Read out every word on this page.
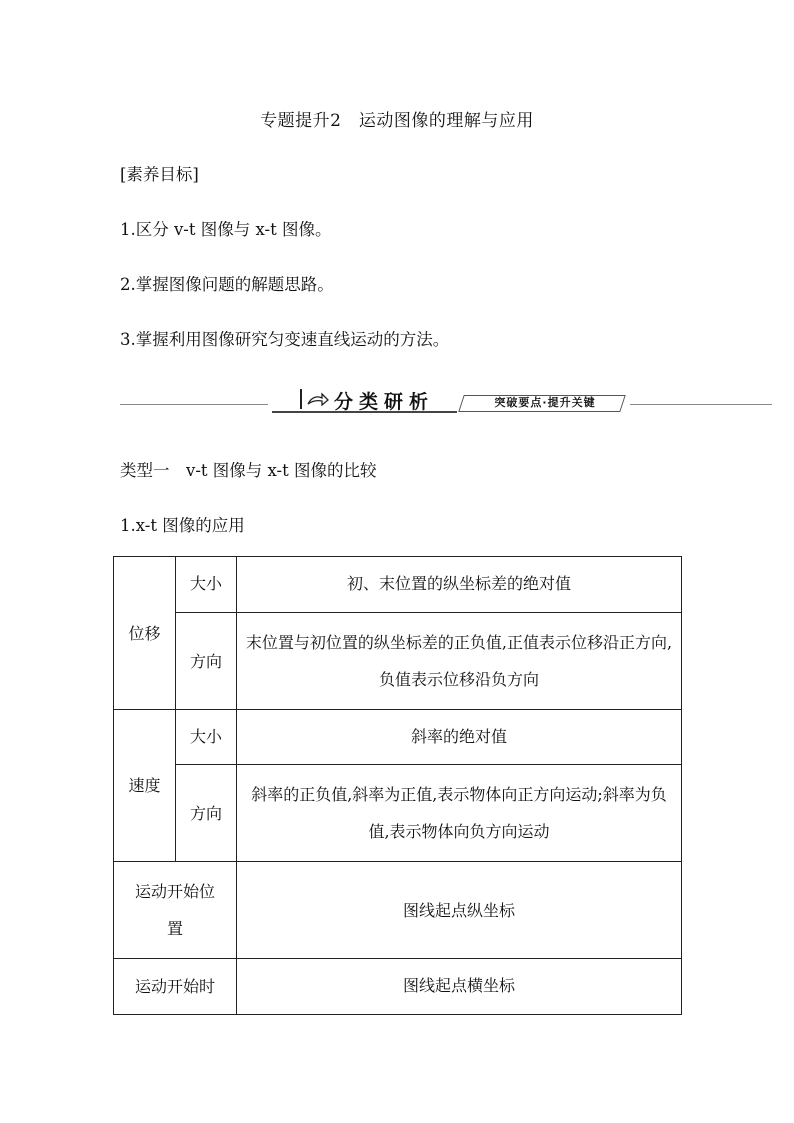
专题提升2　运动图像的理解与应用
[素养目标]
1.区分 v-t 图像与 x-t 图像。
2.掌握图像问题的解题思路。
3.掌握利用图像研究匀变速直线运动的方法。
分类研析	突破要点·提升关键
类型一　v-t 图像与 x-t 图像的比较
1.x-t 图像的应用
位移	大小	初、末位置的纵坐标差的绝对值
	方向	末位置与初位置的纵坐标差的正负值,正值表示位移沿正方向,负值表示位移沿负方向
速度	大小	斜率的绝对值
	方向	斜率的正负值,斜率为正值,表示物体向正方向运动;斜率为负值,表示物体向负方向运动
运动开始位置		图线起点纵坐标
运动开始时		图线起点横坐标
